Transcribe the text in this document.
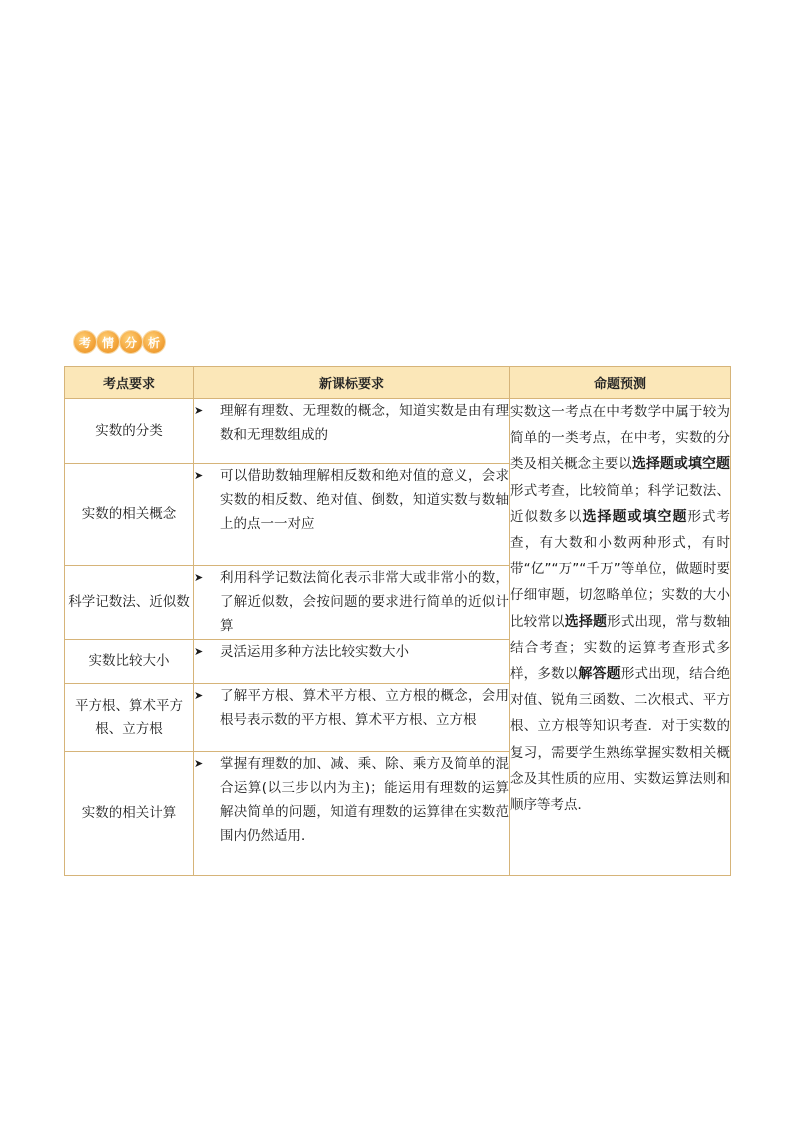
考 情 分 析
考点要求	新课标要求	命题预测
实数的分类	➤ 理解有理数、无理数的概念，知道实数是由有理数和无理数组成的	实数这一考点在中考数学中属于较为简单的一类考点，在中考，实数的分类及相关概念主要以选择题或填空题形式考查，比较简单；科学记数法、近似数多以选择题或填空题形式考查，有大数和小数两种形式，有时带“亿”“万”“千万”等单位，做题时要仔细审题，切忽略单位；实数的大小比较常以选择题形式出现，常与数轴结合考查；实数的运算考查形式多样，多数以解答题形式出现，结合绝对值、锐角三函数、二次根式、平方根、立方根等知识考查．对于实数的复习，需要学生熟练掌握实数相关概念及其性质的应用、实数运算法则和顺序等考点．
实数的相关概念	➤ 可以借助数轴理解相反数和绝对值的意义，会求实数的相反数、绝对值、倒数，知道实数与数轴上的点一一对应	

科学记数法、近似数	➤ 利用科学记数法简化表示非常大或非常小的数，了解近似数，会按问题的要求进行简单的近似计算	

实数比较大小	➤ 灵活运用多种方法比较实数大小	

平方根、算术平方根、立方根	➤ 了解平方根、算术平方根、立方根的概念，会用根号表示数的平方根、算术平方根、立方根	

实数的相关计算	➤ 掌握有理数的加、减、乘、除、乘方及简单的混合运算(以三步以内为主)；能运用有理数的运算解决简单的问题，知道有理数的运算律在实数范围内仍然适用．	
